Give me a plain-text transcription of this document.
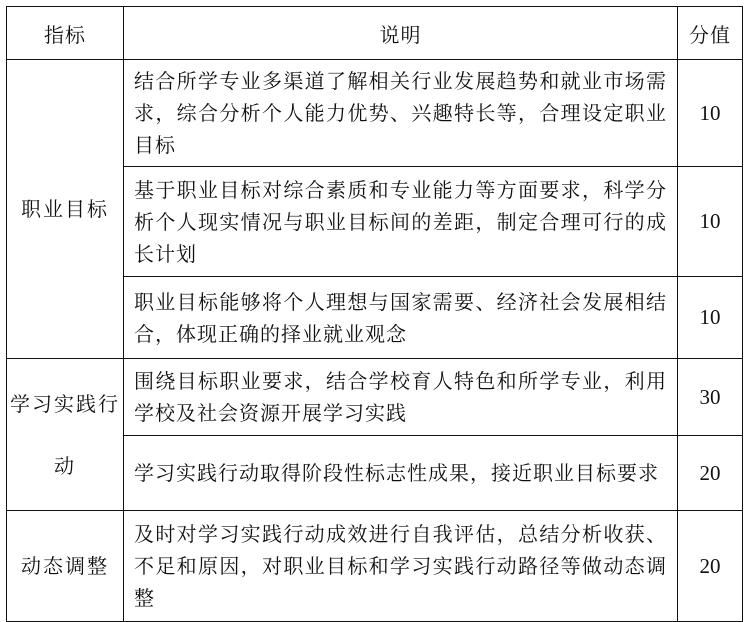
指标	说明	分值
职业目标	结合所学专业多渠道了解相关行业发展趋势和就业市场需求，综合分析个人能力优势、兴趣特长等，合理设定职业目标	10
	基于职业目标对综合素质和专业能力等方面要求，科学分析个人现实情况与职业目标间的差距，制定合理可行的成长计划	10
	职业目标能够将个人理想与国家需要、经济社会发展相结合，体现正确的择业就业观念	10
学习实践行动	围绕目标职业要求，结合学校育人特色和所学专业，利用学校及社会资源开展学习实践	30
	学习实践行动取得阶段性标志性成果，接近职业目标要求	20
动态调整	及时对学习实践行动成效进行自我评估，总结分析收获、不足和原因，对职业目标和学习实践行动路径等做动态调整	20
